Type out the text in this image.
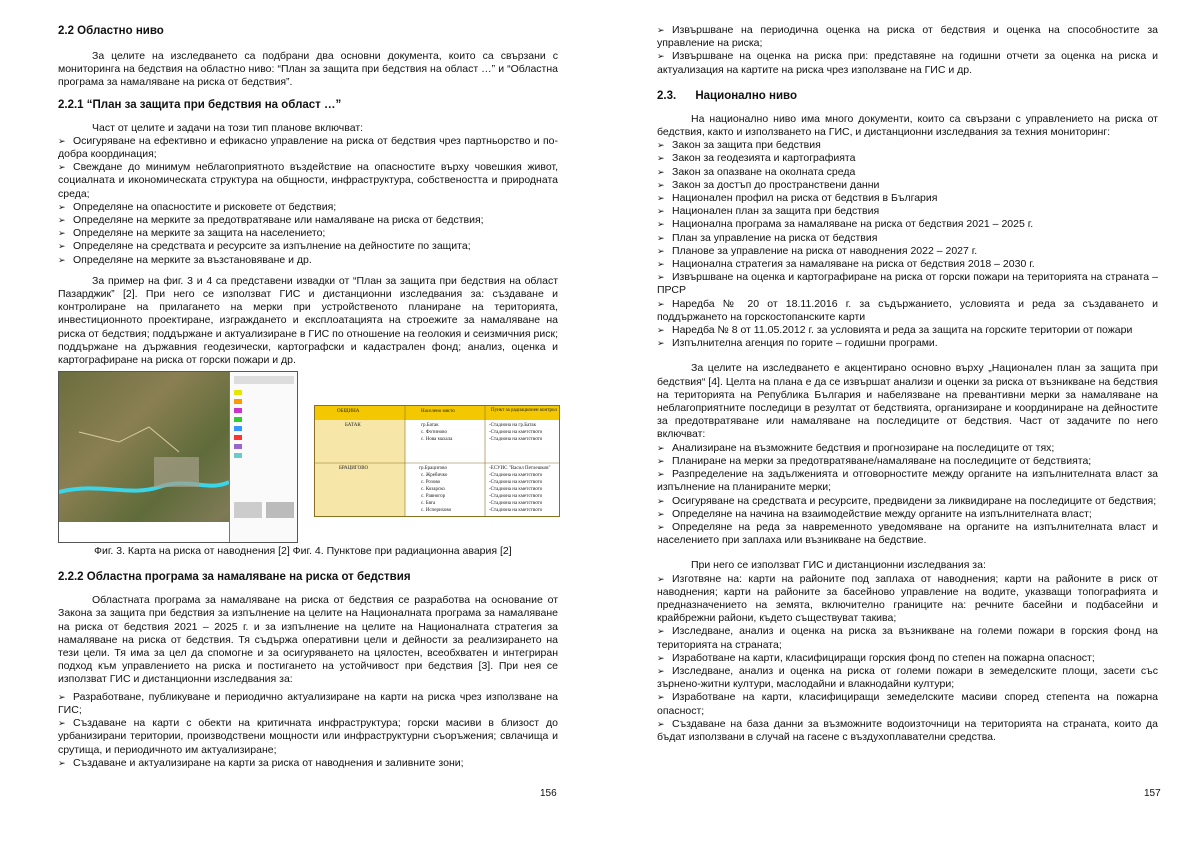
2.2 Областно ниво

За целите на изследването са подбрани два основни документа, които са свързани с мониторинга на бедствия на областно ниво: “План за защита при бедствия на област …” и “Областна програма за намаляване на риска от бедствия”.

2.2.1 “План за защита при бедствия на област …”

Част от целите и задачи на този тип планове включват:

➢ Осигуряване на ефективно и ефикасно управление на риска от бедствия чрез партньорство и по-добра координация;
➢ Свеждане до минимум неблагоприятното въздействие на опасностите върху човешкия живот, социалната и икономическата структура на общности, инфраструктура, собствеността и природната среда;
➢ Определяне на опасностите и рисковете от бедствия;
➢ Определяне на мерките за предотвратяване или намаляване на риска от бедствия;
➢ Определяне на мерките за защита на населението;
➢ Определяне на средствата и ресурсите за изпълнение на дейностите по защита;
➢ Определяне на мерките за възстановяване и др.

За пример на фиг. 3 и 4 са представени извадки от “План за защита при бедствия на област Пазарджик” [2]. При него се използват ГИС и дистанционни изследвания за: създаване и контролиране на прилагането на мерки при устройственото планиране на територията, инвестиционното проектиране, изграждането и експлоатацията на строежите за намаляване на риска от бедствия; поддържане и актуализиране в ГИС по отношение на геолокия и сеизмичния риск; поддържане на държавния геодезически, картографски и кадастрален фонд; анализ, оценка и картографиране на риска от горски пожари и др.

ОБЩИНА	Населено място	Пункт за радиационен контрол
БАТАК	гр.Батак	-Стадиона на гр.Батак
с. Фотиново	-Стадиона на кметството
с. Нова махала	-Стадиона на кметството
БРАЦИГОВО	гр.Брацигово	-ЕСУИС "Васил Петлешков"
с. Жребичко	-Стадиона на кметството
с. Розово	-Стадиона на кметството
с. Козарско	-Стадиона на кметството
с. Равногор	-Стадиона на кметството
с. Бяга	-Стадиона на кметството
с. Исперихово	-Стадиона на кметството
Фиг. 3. Карта на риска от наводнения [2] Фиг. 4. Пунктове при радиационна авария [2]
2.2.2 Областна програма за намаляване на риска от бедствия

Областната програма за намаляване на риска от бедствия се разработва на основание от Закона за защита при бедствия за изпълнение на целите на Националната програма за намаляване на риска от бедствия 2021 – 2025 г. и за изпълнение на целите на Националната стратегия за намаляване на риска от бедствия. Тя съдържа оперативни цели и дейности за реализирането на тези цели. Тя има за цел да спомогне и за осигуряването на цялостен, всеобхватен и интегриран подход към управлението на риска и постигането на устойчивост при бедствия [3]. При нея се използват ГИС и дистанционни изследвания за:

➢ Разработване, публикуване и периодично актуализиране на карти на риска чрез използване на ГИС;
➢ Създаване на карти с обекти на критичната инфраструктура; горски масиви в близост до урбанизирани територии, производствени мощности или инфраструктурни съоръжения; свлачища и срутища, и периодичното им актуализиране;
➢ Създаване и актуализиране на карти за риска от наводнения и заливните зони;
156
➢ Извършване на периодична оценка на риска от бедствия и оценка на способностите за управление на риска;
➢ Извършване на оценка на риска при: представяне на годишни отчети за оценка на риска и актуализация на картите на риска чрез използване на ГИС и др.
2.3.      Национално ниво

На национално ниво има много документи, които са свързани с управлението на риска от бедствия, както и използването на ГИС, и дистанционни изследвания за техния мониторинг:

➢ Закон за защита при бедствия
➢ Закон за геодезията и картографията
➢ Закон за опазване на околната среда
➢ Закон за достъп до пространствени данни
➢ Национален профил на риска от бедствия в България
➢ Национален план за защита при бедствия
➢ Национална програма за намаляване на риска от бедствия 2021 – 2025 г.
➢ План за управление на риска от бедствия
➢ Планове за управление на риска от наводнения 2022 – 2027 г.
➢ Национална стратегия за намаляване на риска от бедствия 2018 – 2030 г.
➢ Извършване на оценка и картографиране на риска от горски пожари на територията на страната – ПРСР
➢ Наредба № 20 от 18.11.2016 г. за съдържанието, условията и реда за създаването и поддържането на горскостопанските карти
➢ Наредба № 8 от 11.05.2012 г. за условията и реда за защита на горските територии от пожари
➢ Изпълнителна агенция по горите – годишни програми.

За целите на изследването е акцентирано основно върху „Национален план за защита при бедствия“ [4]. Целта на плана е да се извършат анализи и оценки за риска от възникване на бедствия на територията на Република България и набелязване на превантивни мерки за намаляване на неблагоприятните последици в резултат от бедствията, организиране и координиране на дейностите за предотвратяване или намаляване на последиците от бедствия. Част от задачите по него включват:

➢ Анализиране на възможните бедствия и прогнозиране на последиците от тях;
➢ Планиране на мерки за предотвратяване/намаляване на последиците от бедствията;
➢ Разпределение на задълженията и отговорностите между органите на изпълнителната власт за изпълнение на планираните мерки;
➢ Осигуряване на средствата и ресурсите, предвидени за ликвидиране на последиците от бедствия;
➢ Определяне на начина на взаимодействие между органите на изпълнителната власт;
➢ Определяне на реда за навременното уведомяване на органите на изпълнителната власт и населението при заплаха или възникване на бедствие.

При него се използват ГИС и дистанционни изследвания за:

➢ Изготвяне на: карти на районите под заплаха от наводнения; карти на районите в риск от наводнения; карти на районите за басейново управление на водите, указващи топографията и предназначението на земята, включително границите на: речните басейни и подбасейни и крайбрежни райони, където съществуват такива;
➢ Изследване, анализ и оценка на риска за възникване на големи пожари в горския фонд на територията на страната;
➢ Изработване на карти, класифициращи горския фонд по степен на пожарна опасност;
➢ Изследване, анализ и оценка на риска от големи пожари в земеделските площи, засети със зърнено-житни култури, маслодайни и влакнодайни култури;
➢ Изработване на карти, класифициращи земеделските масиви според степента на пожарна опасност;
➢ Създаване на база данни за възможните водоизточници на територията на страната, които да бъдат използвани в случай на гасене с въздухоплавателни средства.
157
